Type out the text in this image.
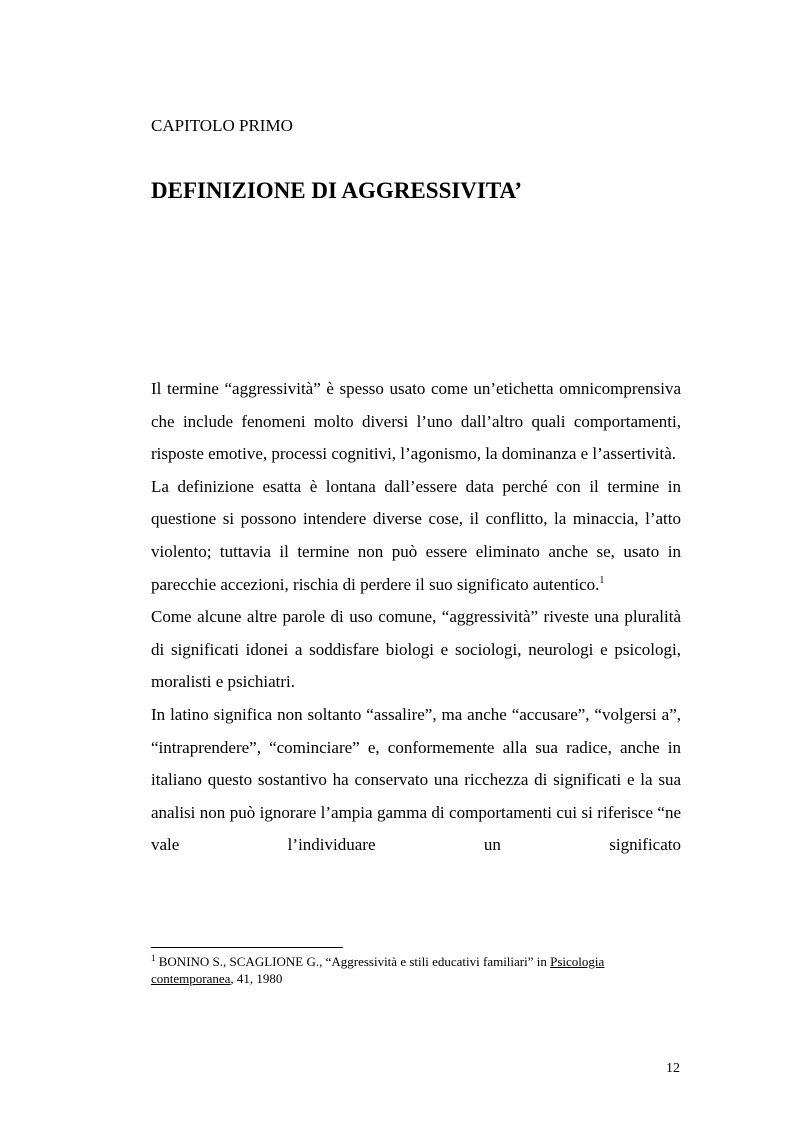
CAPITOLO PRIMO
DEFINIZIONE DI AGGRESSIVITA’

Il termine “aggressività” è spesso usato come un’etichetta omnicomprensiva che include fenomeni molto diversi l’uno dall’altro quali comportamenti, risposte emotive, processi cognitivi, l’agonismo, la dominanza e l’assertività.

La definizione esatta è lontana dall’essere data perché con il termine in questione si possono intendere diverse cose, il conflitto, la minaccia, l’atto violento; tuttavia il termine non può essere eliminato anche se, usato in parecchie accezioni, rischia di perdere il suo significato autentico.$^1$

Come alcune altre parole di uso comune, “aggressività” riveste una pluralità di significati idonei a soddisfare biologi e sociologi, neurologi e psicologi, moralisti e psichiatri.

In latino significa non soltanto “assalire”, ma anche “accusare”, “volgersi a”, “intraprendere”, “cominciare” e, conformemente alla sua radice, anche in italiano questo sostantivo ha conservato una ricchezza di significati e la sua analisi non può ignorare l’ampia gamma di comportamenti cui si riferisce “ne vale l’individuare un significato

$^1$ BONINO S., SCAGLIONE G., “Aggressività e stili educativi familiari” in Psicologia contemporanea, 41, 1980
12
